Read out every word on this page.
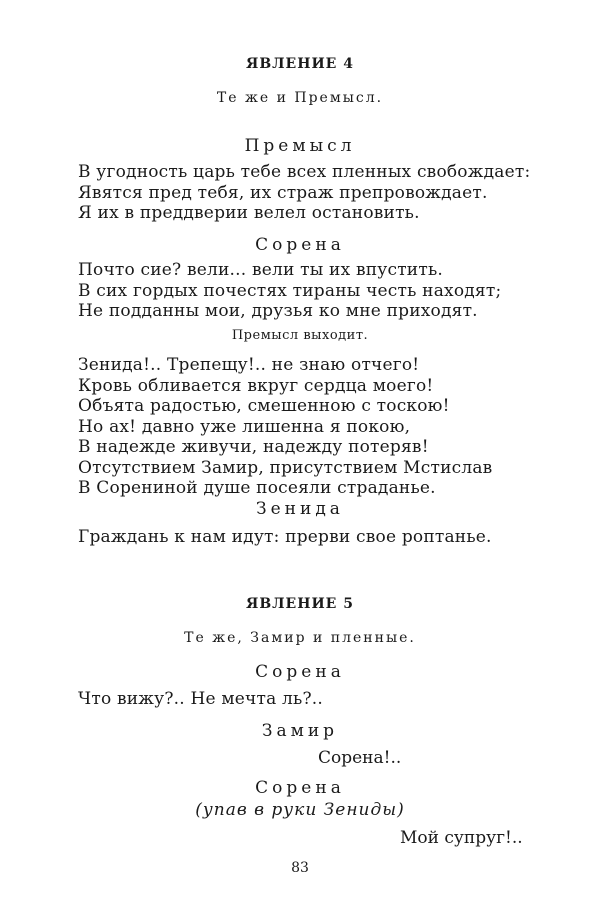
ЯВЛЕНИЕ 4
Те же и Премысл.
Премысл
В угодность царь тебе всех пленных свобождает:
Явятся пред тебя, их страж препровождает.
Я их в преддверии велел остановить.
Сорена
Почто сие? вели... вели ты их впустить.
В сих гордых почестях тираны честь находят;
Не подданны мои, друзья ко мне приходят.
Премысл выходит.
Зенида!.. Трепещу!.. не знаю отчего!
Кровь обливается вкруг сердца моего!
Объята радостью, смешенною с тоскою!
Но ах! давно уже лишенна я покою,
В надежде живучи, надежду потеряв!
Отсутствием Замир, присутствием Мстислав
В Сорениной душе посеяли страданье.
Зенида
Граждань к нам идут: прерви свое роптанье.
ЯВЛЕНИЕ 5
Те же, Замир и пленные.
Сорена
Что вижу?.. Не мечта ль?..
Замир
Сорена!..
Сорена
(упав в руки Зениды)
Мой супруг!..
83
